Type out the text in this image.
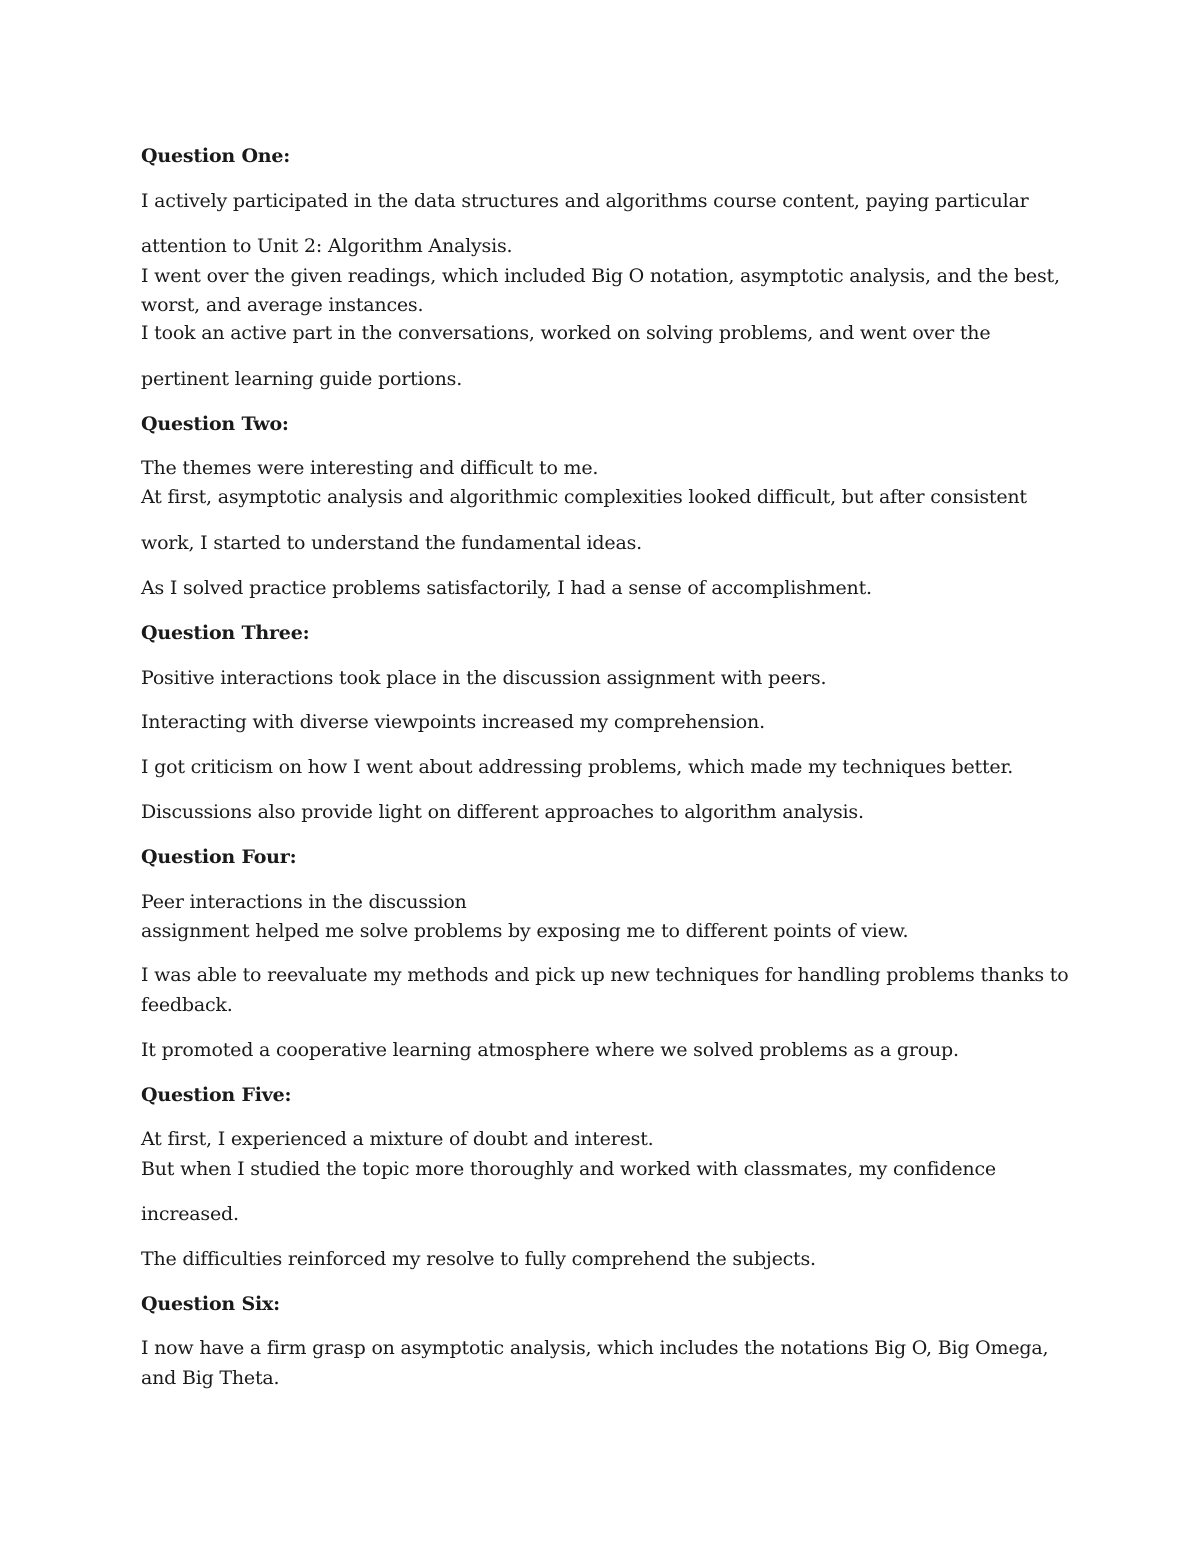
Question One:

I actively participated in the data structures and algorithms course content, paying particular

attention to Unit 2: Algorithm Analysis.

I went over the given readings, which included Big O notation, asymptotic analysis, and the best,

worst, and average instances.

I took an active part in the conversations, worked on solving problems, and went over the

pertinent learning guide portions.

Question Two:

The themes were interesting and difficult to me.

At first, asymptotic analysis and algorithmic complexities looked difficult, but after consistent

work, I started to understand the fundamental ideas.

As I solved practice problems satisfactorily, I had a sense of accomplishment.

Question Three:

Positive interactions took place in the discussion assignment with peers.

Interacting with diverse viewpoints increased my comprehension.

I got criticism on how I went about addressing problems, which made my techniques better.

Discussions also provide light on different approaches to algorithm analysis.

Question Four:

Peer interactions in the discussion

assignment helped me solve problems by exposing me to different points of view.

I was able to reevaluate my methods and pick up new techniques for handling problems thanks to

feedback.

It promoted a cooperative learning atmosphere where we solved problems as a group.

Question Five:

At first, I experienced a mixture of doubt and interest.

But when I studied the topic more thoroughly and worked with classmates, my confidence

increased.

The difficulties reinforced my resolve to fully comprehend the subjects.

Question Six:

I now have a firm grasp on asymptotic analysis, which includes the notations Big O, Big Omega,

and Big Theta.
